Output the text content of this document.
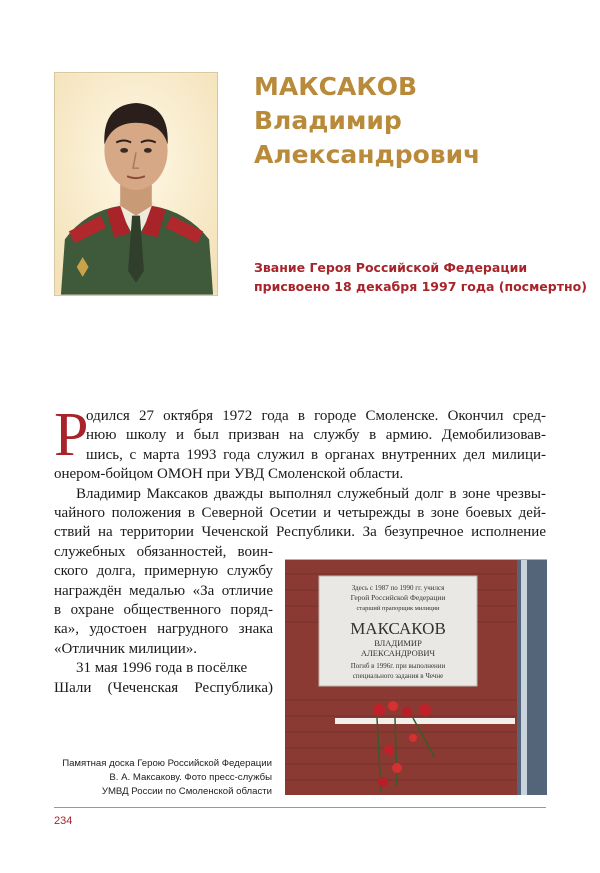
МАКСАКОВ
Владимир
Александрович

Звание Героя Российской Федерации
присвоено 18 декабря 1997 года (посмертно)

Р

одился 27 октября 1972 года в городе Смоленске. Окончил сред-
нюю школу и был призван на службу в армию. Демобилизовав-
шись, с марта 1993 года служил в органах внутренних дел милици-
онером-бойцом ОМОН при УВД Смоленской области.

Владимир Максаков дважды выполнял служебный долг в зоне чрезвы-
чайного положения в Северной Осетии и четырежды в зоне боевых дей-
ствий на территории Чеченской Республики. За безупречное исполнение
служебных обязанностей, воин-
ского долга, примерную службу
награждён медалью «За отличие
в охране общественного поряд-
ка», удостоен нагрудного знака
«Отличник милиции».

31 мая 1996 года в посёлке
Шали (Чеченская Республика)

Здесь с 1987 по 1990 гг. учился
Герой Российской Федерации
старший прапорщик милиции
МАКСАКОВ
ВЛАДИМИР
АЛЕКСАНДРОВИЧ
Погиб в 1996г. при выполнении
специального задания в Чечне

Памятная доска Герою Российской Федерации
В. А. Максакову. Фото пресс-службы
УМВД России по Смоленской области

234
